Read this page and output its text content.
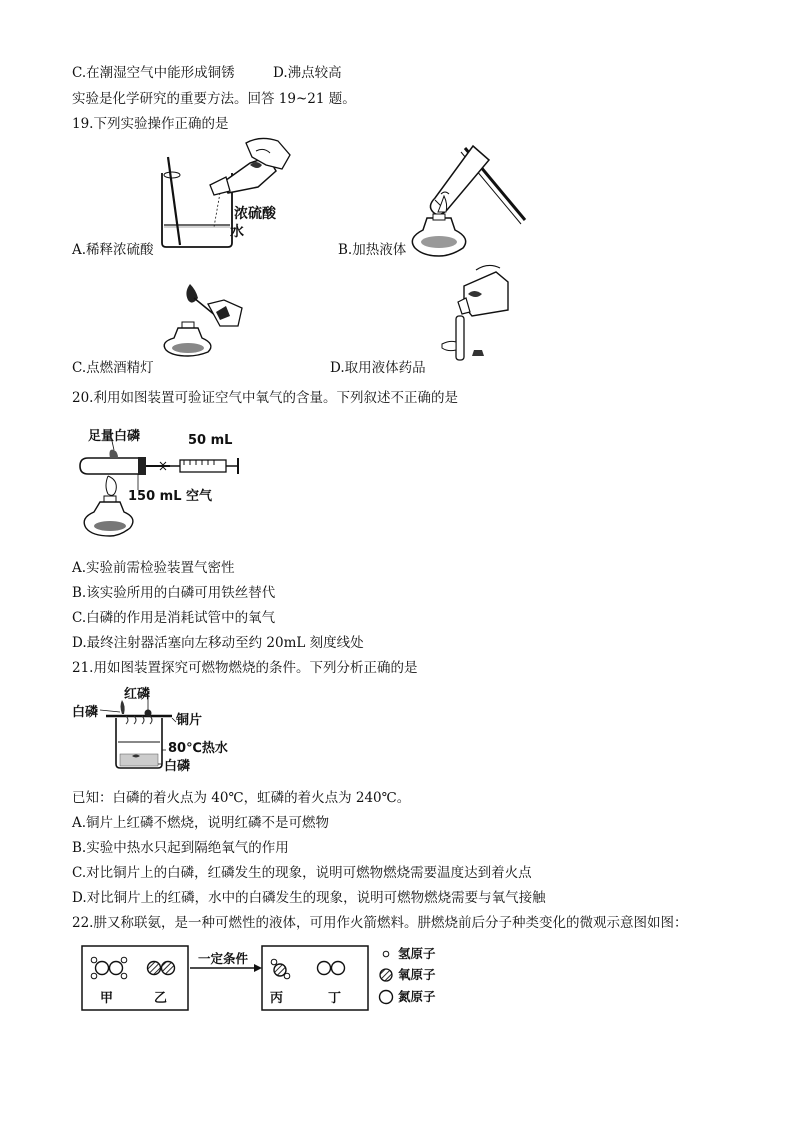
C.在潮湿空气中能形成铜锈	D.沸点较高
实验是化学研究的重要方法。回答 19~21 题。
19.下列实验操作正确的是
浓硫酸
水
A.稀释浓硫酸	B.加热液体
C.点燃酒精灯	D.取用液体药品
20.利用如图装置可验证空气中氧气的含量。下列叙述不正确的是
足量白磷	50 mL
150 mL 空气
A.实验前需检验装置气密性
B.该实验所用的白磷可用铁丝替代
C.白磷的作用是消耗试管中的氧气
D.最终注射器活塞向左移动至约 20mL 刻度线处
21.用如图装置探究可燃物燃烧的条件。下列分析正确的是
红磷
白磷
铜片
80℃热水
白磷
已知：白磷的着火点为 40℃，虹磷的着火点为 240℃。
A.铜片上红磷不燃烧，说明红磷不是可燃物
B.实验中热水只起到隔绝氧气的作用
C.对比铜片上的白磷，红磷发生的现象，说明可燃物燃烧需要温度达到着火点
D.对比铜片上的红磷，水中的白磷发生的现象，说明可燃物燃烧需要与氧气接触
22.肼又称联氨，是一种可燃性的液体，可用作火箭燃料。肼燃烧前后分子种类变化的微观示意图如图：
一定条件
甲	乙	丙	丁
氢原子
氧原子
氮原子
